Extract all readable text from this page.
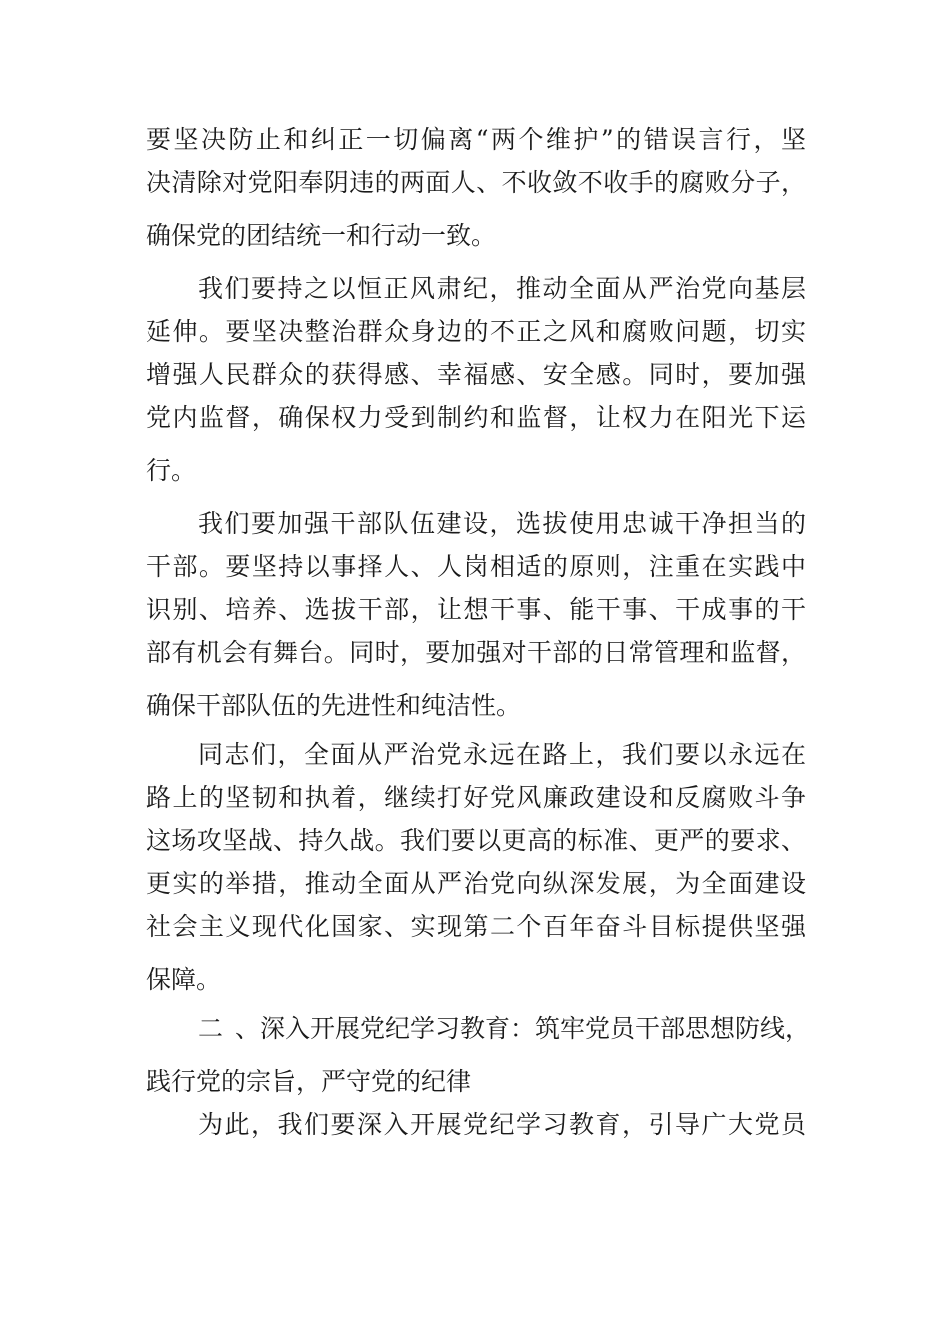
要坚决防止和纠正一切偏离“两个维护”的错误言行，坚
决清除对党阳奉阴违的两面人、不收敛不收手的腐败分子，
确保党的团结统一和行动一致。
我们要持之以恒正风肃纪，推动全面从严治党向基层
延伸。要坚决整治群众身边的不正之风和腐败问题，切实
增强人民群众的获得感、幸福感、安全感。同时，要加强
党内监督，确保权力受到制约和监督，让权力在阳光下运
行。
我们要加强干部队伍建设，选拔使用忠诚干净担当的
干部。要坚持以事择人、人岗相适的原则，注重在实践中
识别、培养、选拔干部，让想干事、能干事、干成事的干
部有机会有舞台。同时，要加强对干部的日常管理和监督，
确保干部队伍的先进性和纯洁性。
同志们，全面从严治党永远在路上，我们要以永远在
路上的坚韧和执着，继续打好党风廉政建设和反腐败斗争
这场攻坚战、持久战。我们要以更高的标准、更严的要求、
更实的举措，推动全面从严治党向纵深发展，为全面建设
社会主义现代化国家、实现第二个百年奋斗目标提供坚强
保障。
二、深入开展党纪学习教育：筑牢党员干部思想防线，
践行党的宗旨，严守党的纪律
为此，我们要深入开展党纪学习教育，引导广大党员
